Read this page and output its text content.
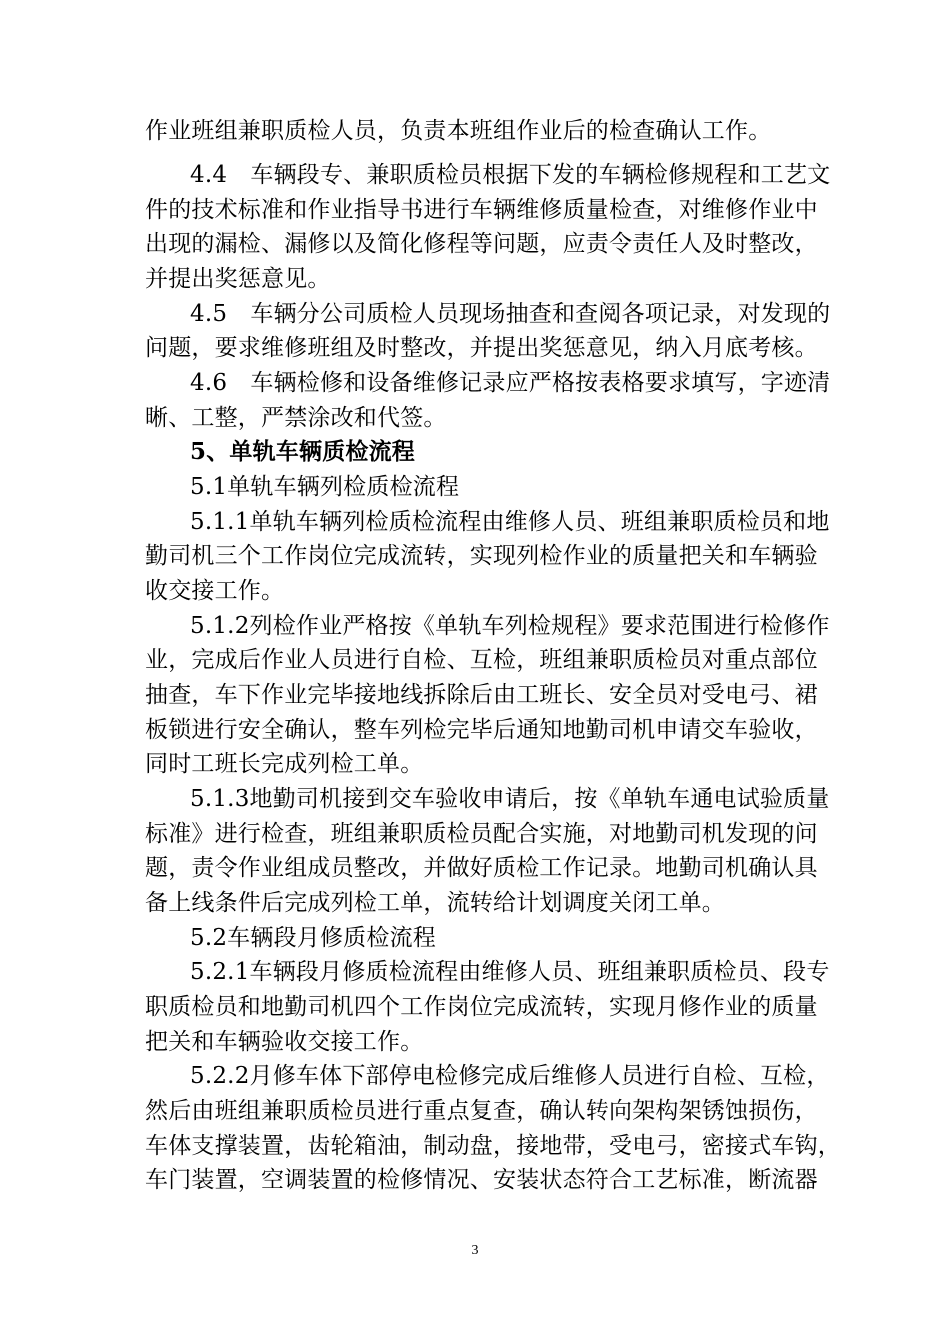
作业班组兼职质检人员，负责本班组作业后的检查确认工作。
4.4　车辆段专、兼职质检员根据下发的车辆检修规程和工艺文
件的技术标准和作业指导书进行车辆维修质量检查，对维修作业中
出现的漏检、漏修以及简化修程等问题，应责令责任人及时整改，
并提出奖惩意见。
4.5　车辆分公司质检人员现场抽查和查阅各项记录，对发现的
问题，要求维修班组及时整改，并提出奖惩意见，纳入月底考核。
4.6　车辆检修和设备维修记录应严格按表格要求填写，字迹清
晰、工整，严禁涂改和代签。
5、单轨车辆质检流程
5.1单轨车辆列检质检流程
5.1.1单轨车辆列检质检流程由维修人员、班组兼职质检员和地
勤司机三个工作岗位完成流转，实现列检作业的质量把关和车辆验
收交接工作。
5.1.2列检作业严格按《单轨车列检规程》要求范围进行检修作
业，完成后作业人员进行自检、互检，班组兼职质检员对重点部位
抽查，车下作业完毕接地线拆除后由工班长、安全员对受电弓、裙
板锁进行安全确认，整车列检完毕后通知地勤司机申请交车验收，
同时工班长完成列检工单。
5.1.3地勤司机接到交车验收申请后，按《单轨车通电试验质量
标准》进行检查，班组兼职质检员配合实施，对地勤司机发现的问
题，责令作业组成员整改，并做好质检工作记录。地勤司机确认具
备上线条件后完成列检工单，流转给计划调度关闭工单。
5.2车辆段月修质检流程
5.2.1车辆段月修质检流程由维修人员、班组兼职质检员、段专
职质检员和地勤司机四个工作岗位完成流转，实现月修作业的质量
把关和车辆验收交接工作。
5.2.2月修车体下部停电检修完成后维修人员进行自检、互检，
然后由班组兼职质检员进行重点复查，确认转向架构架锈蚀损伤，
车体支撑装置，齿轮箱油，制动盘，接地带，受电弓，密接式车钩，
车门装置，空调装置的检修情况、安装状态符合工艺标准，断流器
3
